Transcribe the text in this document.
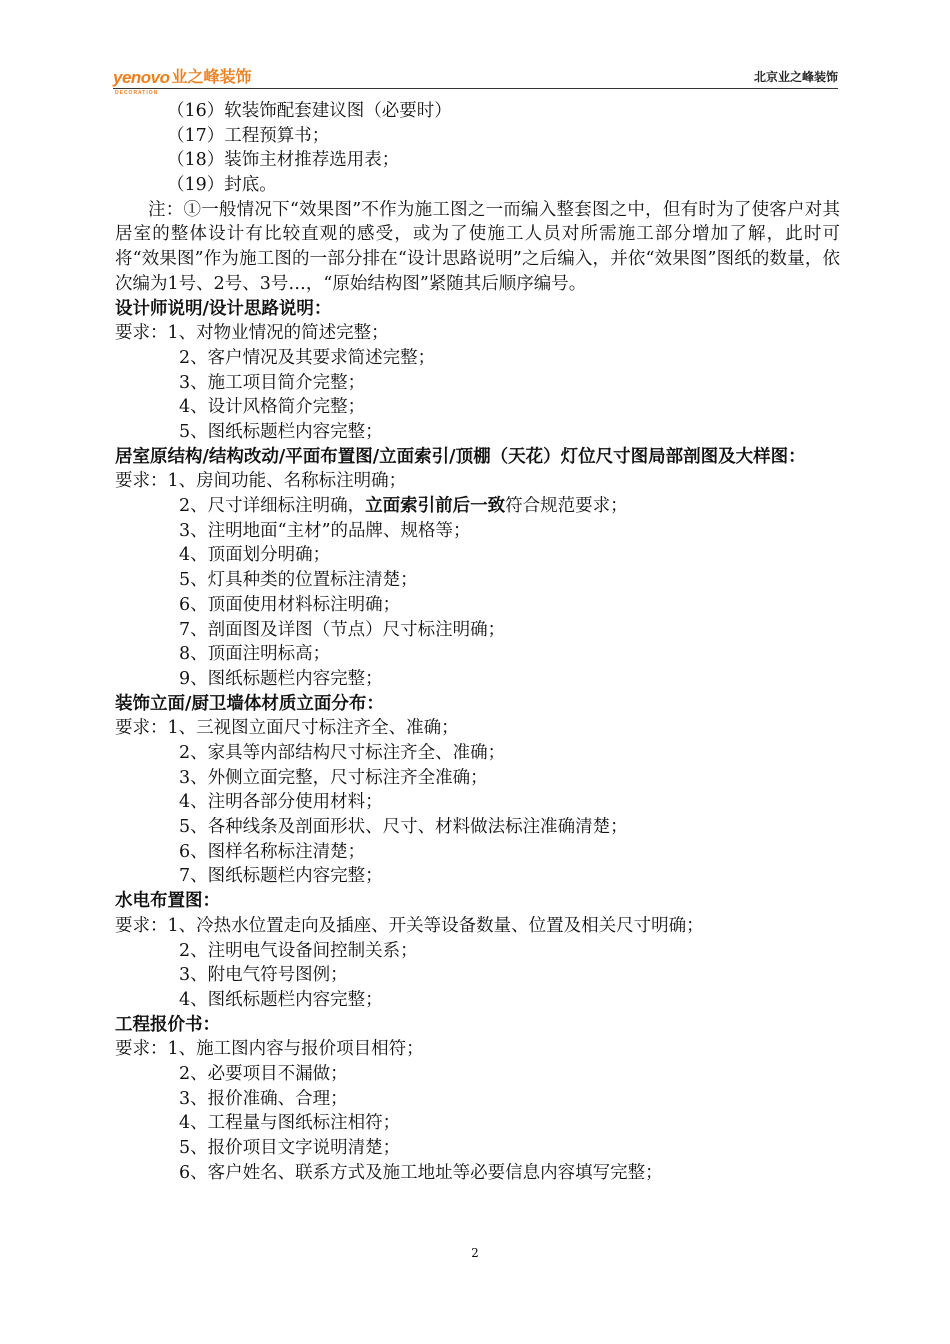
yenovo
DECORATION
业之峰装饰	北京业之峰装饰
（16）软装饰配套建议图（必要时）
（17）工程预算书；
（18）装饰主材推荐选用表；
（19）封底。
注：①一般情况下“效果图”不作为施工图之一而编入整套图之中，但有时为了使客户对其居室的整体设计有比较直观的感受，或为了使施工人员对所需施工部分增加了解，此时可将“效果图”作为施工图的一部分排在“设计思路说明”之后编入，并依“效果图”图纸的数量，依次编为1号、2号、3号…，“原始结构图”紧随其后顺序编号。
设计师说明/设计思路说明：
要求：1、对物业情况的简述完整；
2、客户情况及其要求简述完整；
3、施工项目简介完整；
4、设计风格简介完整；
5、图纸标题栏内容完整；
居室原结构/结构改动/平面布置图/立面索引/顶棚（天花）灯位尺寸图局部剖图及大样图：
要求：1、房间功能、名称标注明确；
2、尺寸详细标注明确，立面索引前后一致符合规范要求；
3、注明地面“主材”的品牌、规格等；
4、顶面划分明确；
5、灯具种类的位置标注清楚；
6、顶面使用材料标注明确；
7、剖面图及详图（节点）尺寸标注明确；
8、顶面注明标高；
9、图纸标题栏内容完整；
装饰立面/厨卫墙体材质立面分布：
要求：1、三视图立面尺寸标注齐全、准确；
2、家具等内部结构尺寸标注齐全、准确；
3、外侧立面完整，尺寸标注齐全准确；
4、注明各部分使用材料；
5、各种线条及剖面形状、尺寸、材料做法标注准确清楚；
6、图样名称标注清楚；
7、图纸标题栏内容完整；
水电布置图：
要求：1、冷热水位置走向及插座、开关等设备数量、位置及相关尺寸明确；
2、注明电气设备间控制关系；
3、附电气符号图例；
4、图纸标题栏内容完整；
工程报价书：
要求：1、施工图内容与报价项目相符；
2、必要项目不漏做；
3、报价准确、合理；
4、工程量与图纸标注相符；
5、报价项目文字说明清楚；
6、客户姓名、联系方式及施工地址等必要信息内容填写完整；
2
